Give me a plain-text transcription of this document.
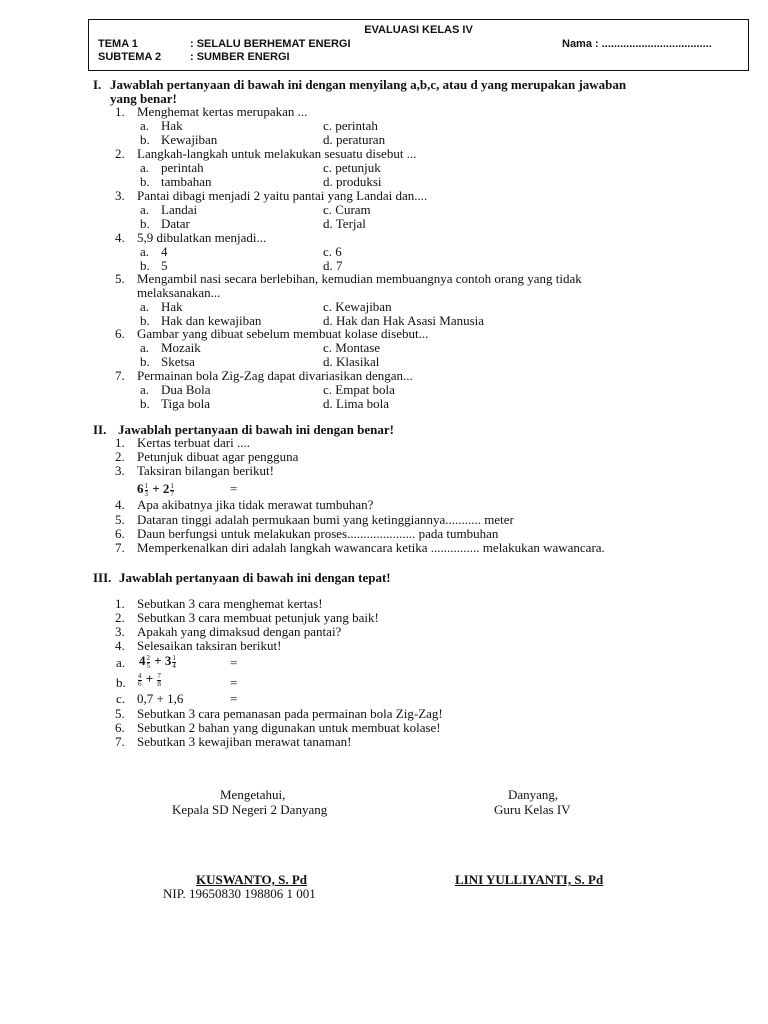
EVALUASI KELAS IV
TEMA 1	: SELALU BERHEMAT ENERGI
SUBTEMA 2	: SUMBER ENERGI
Nama : ....................................
I. Jawablah pertanyaan di bawah ini dengan menyilang a,b,c, atau d yang merupakan jawaban
yang benar!
1. Menghemat kertas merupakan ...
a. Hak	c. perintah
b. Kewajiban	d. peraturan
2. Langkah-langkah untuk melakukan sesuatu disebut ...
a. perintah	c. petunjuk
b. tambahan	d. produksi
3. Pantai dibagi menjadi 2 yaitu pantai yang Landai dan....
a. Landai	c. Curam
b. Datar	d. Terjal
4. 5,9 dibulatkan menjadi...
a. 4	c. 6
b. 5	d. 7
5. Mengambil nasi secara berlebihan, kemudian membuangnya contoh orang yang tidak
melaksanakan...
a. Hak	c. Kewajiban
b. Hak dan kewajiban	d. Hak dan Hak Asasi Manusia
6. Gambar yang dibuat sebelum membuat kolase disebut...
a. Mozaik	c. Montase
b. Sketsa	d. Klasikal
7. Permainan bola Zig-Zag dapat divariasikan dengan...
a. Dua Bola	c. Empat bola
b. Tiga bola	d. Lima bola
II. Jawablah pertanyaan di bawah ini dengan benar!
1. Kertas terbuat dari ....
2. Petunjuk dibuat agar pengguna
3. Taksiran bilangan berikut!
4. Apa akibatnya jika tidak merawat tumbuhan?
5. Dataran tinggi adalah permukaan bumi yang ketinggiannya........... meter
6. Daun berfungsi untuk melakukan proses..................... pada tumbuhan
7. Memperkenalkan diri adalah langkah wawancara ketika ............... melakukan wawancara.
$6 \frac{1}{3} + 2 \frac{1}{7}$	=
III. Jawablah pertanyaan di bawah ini dengan tepat!
1. Sebutkan 3 cara menghemat kertas!
2. Sebutkan 3 cara membuat petunjuk yang baik!
3. Apakah yang dimaksud dengan pantai?
4. Selesaikan taksiran berikut!
a. $4 \frac{2}{5} + 3 \frac{1}{4}$	=
b. $\frac{4}{6} + \frac{7}{8}$	=
c. 0,7 + 1,6	=
5. Sebutkan 3 cara pemanasan pada permainan bola Zig-Zag!
6. Sebutkan 2 bahan yang digunakan untuk membuat kolase!
7. Sebutkan 3 kewajiban merawat tanaman!
Mengetahui,
Kepala SD Negeri 2 Danyang
KUSWANTO, S. Pd
NIP. 19650830 198806 1 001
Danyang,
Guru Kelas IV
LINI YULLIYANTI, S. Pd
